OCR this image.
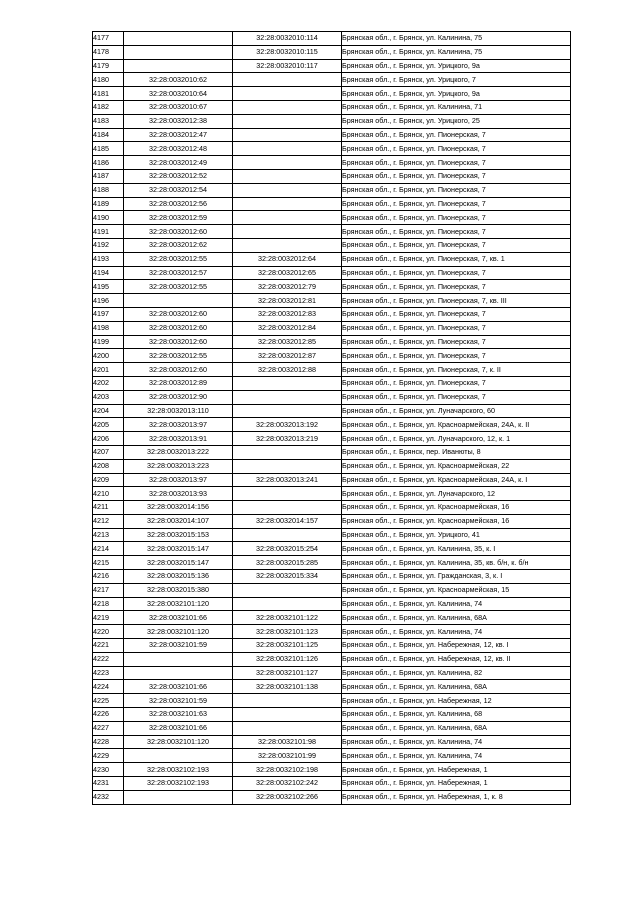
4177		32:28:0032010:114	Брянская обл., г. Брянск, ул. Калинина, 75
4178		32:28:0032010:115	Брянская обл., г. Брянск, ул. Калинина, 75
4179		32:28:0032010:117	Брянская обл., г. Брянск, ул. Урицкого, 9а
4180	32:28:0032010:62		Брянская обл., г. Брянск, ул. Урицкого, 7
4181	32:28:0032010:64		Брянская обл., г. Брянск, ул. Урицкого, 9а
4182	32:28:0032010:67		Брянская обл., г. Брянск, ул. Калинина, 71
4183	32:28:0032012:38		Брянская обл., г. Брянск, ул. Урицкого, 25
4184	32:28:0032012:47		Брянская обл., г. Брянск, ул. Пионерская, 7
4185	32:28:0032012:48		Брянская обл., г. Брянск, ул. Пионерская, 7
4186	32:28:0032012:49		Брянская обл., г. Брянск, ул. Пионерская, 7
4187	32:28:0032012:52		Брянская обл., г. Брянск, ул. Пионерская, 7
4188	32:28:0032012:54		Брянская обл., г. Брянск, ул. Пионерская, 7
4189	32:28:0032012:56		Брянская обл., г. Брянск, ул. Пионерская, 7
4190	32:28:0032012:59		Брянская обл., г. Брянск, ул. Пионерская, 7
4191	32:28:0032012:60		Брянская обл., г. Брянск, ул. Пионерская, 7
4192	32:28:0032012:62		Брянская обл., г. Брянск, ул. Пионерская, 7
4193	32:28:0032012:55	32:28:0032012:64	Брянская обл., г. Брянск, ул. Пионерская, 7, кв. 1
4194	32:28:0032012:57	32:28:0032012:65	Брянская обл., г. Брянск, ул. Пионерская, 7
4195	32:28:0032012:55	32:28:0032012:79	Брянская обл., г. Брянск, ул. Пионерская, 7
4196		32:28:0032012:81	Брянская обл., г. Брянск, ул. Пионерская, 7, кв. III
4197	32:28:0032012:60	32:28:0032012:83	Брянская обл., г. Брянск, ул. Пионерская, 7
4198	32:28:0032012:60	32:28:0032012:84	Брянская обл., г. Брянск, ул. Пионерская, 7
4199	32:28:0032012:60	32:28:0032012:85	Брянская обл., г. Брянск, ул. Пионерская, 7
4200	32:28:0032012:55	32:28:0032012:87	Брянская обл., г. Брянск, ул. Пионерская, 7
4201	32:28:0032012:60	32:28:0032012:88	Брянская обл., г. Брянск, ул. Пионерская, 7, к. II
4202	32:28:0032012:89		Брянская обл., г. Брянск, ул. Пионерская, 7
4203	32:28:0032012:90		Брянская обл., г. Брянск, ул. Пионерская, 7
4204	32:28:0032013:110		Брянская обл., г. Брянск, ул. Луначарского, 60
4205	32:28:0032013:97	32:28:0032013:192	Брянская обл., г. Брянск, ул. Красноармейская, 24А, к. II
4206	32:28:0032013:91	32:28:0032013:219	Брянская обл., г. Брянск, ул. Луначарского, 12, к. 1
4207	32:28:0032013:222		Брянская обл., г. Брянск, пер. Иванюты, 8
4208	32:28:0032013:223		Брянская обл., г. Брянск, ул. Красноармейская, 22
4209	32:28:0032013:97	32:28:0032013:241	Брянская обл., г. Брянск, ул. Красноармейская, 24А, к. I
4210	32:28:0032013:93		Брянская обл., г. Брянск, ул. Луначарского, 12
4211	32:28:0032014:156		Брянская обл., г. Брянск, ул. Красноармейская, 16
4212	32:28:0032014:107	32:28:0032014:157	Брянская обл., г. Брянск, ул. Красноармейская, 16
4213	32:28:0032015:153		Брянская обл., г. Брянск, ул. Урицкого, 41
4214	32:28:0032015:147	32:28:0032015:254	Брянская обл., г. Брянск, ул. Калинина, 35, к. I
4215	32:28:0032015:147	32:28:0032015:285	Брянская обл., г. Брянск, ул. Калинина, 35, кв. б/н, к. б/н
4216	32:28:0032015:136	32:28:0032015:334	Брянская обл., г. Брянск, ул. Гражданская, 3, к. I
4217	32:28:0032015:380		Брянская обл., г. Брянск, ул. Красноармейская, 15
4218	32:28:0032101:120		Брянская обл., г. Брянск, ул. Калинина, 74
4219	32:28:0032101:66	32:28:0032101:122	Брянская обл., г. Брянск, ул. Калинина, 68А
4220	32:28:0032101:120	32:28:0032101:123	Брянская обл., г. Брянск, ул. Калинина, 74
4221	32:28:0032101:59	32:28:0032101:125	Брянская обл., г. Брянск, ул. Набережная, 12, кв. I
4222		32:28:0032101:126	Брянская обл., г. Брянск, ул. Набережная, 12, кв. II
4223		32:28:0032101:127	Брянская обл., г. Брянск, ул. Калинина, 82
4224	32:28:0032101:66	32:28:0032101:138	Брянская обл., г. Брянск, ул. Калинина, 68А
4225	32:28:0032101:59		Брянская обл., г. Брянск, ул. Набережная, 12
4226	32:28:0032101:63		Брянская обл., г. Брянск, ул. Калинина, 68
4227	32:28:0032101:66		Брянская обл., г. Брянск, ул. Калинина, 68А
4228	32:28:0032101:120	32:28:0032101:98	Брянская обл., г. Брянск, ул. Калинина, 74
4229		32:28:0032101:99	Брянская обл., г. Брянск, ул. Калинина, 74
4230	32:28:0032102:193	32:28:0032102:198	Брянская обл., г. Брянск, ул. Набережная, 1
4231	32:28:0032102:193	32:28:0032102:242	Брянская обл., г. Брянск, ул. Набережная, 1
4232		32:28:0032102:266	Брянская обл., г. Брянск, ул. Набережная, 1, к. 8
